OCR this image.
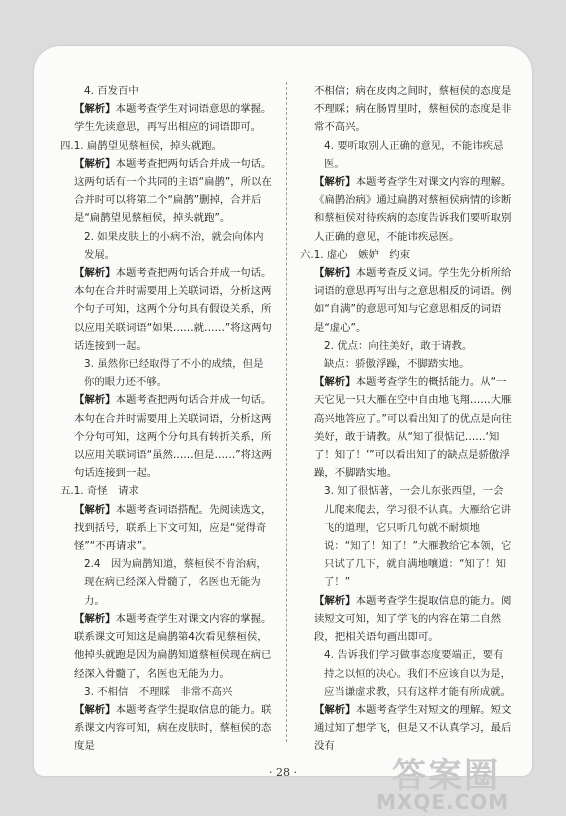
4. 百发百中

【解析】本题考查学生对词语意思的掌握。学生先读意思，再写出相应的词语即可。

四.1. 扁鹊望见蔡桓侯，掉头就跑。

【解析】本题考查把两句话合并成一句话。这两句话有一个共同的主语“扁鹊”，所以在合并时可以将第二个“扁鹊”删掉，合并后是“扁鹊望见蔡桓侯，掉头就跑”。

2. 如果皮肤上的小病不治，就会向体内发展。

【解析】本题考查把两句话合并成一句话。本句在合并时需要用上关联词语，分析这两个句子可知，这两个分句具有假设关系，所以应用关联词语“如果……就……”将这两句话连接到一起。

3. 虽然你已经取得了不小的成绩，但是你的眼力还不够。

【解析】本题考查把两句话合并成一句话。本句在合并时需要用上关联词语，分析这两个分句可知，这两个分句具有转折关系，所以应用关联词语“虽然……但是……”将这两句话连接到一起。

五.1. 奇怪　请求

【解析】本题考查词语搭配。先阅读选文，找到括号，联系上下文可知，应是“觉得奇怪”“不再请求”。

2.4　因为扁鹊知道，蔡桓侯不肯治病，现在病已经深入骨髓了，名医也无能为力。

【解析】本题考查学生对课文内容的掌握。联系课文可知这是扁鹊第4次看见蔡桓侯，他掉头就跑是因为扁鹊知道蔡桓侯现在病已经深入骨髓了，名医也无能为力。

3. 不相信　不理睬　非常不高兴

【解析】本题考查学生提取信息的能力。联系课文内容可知，病在皮肤时，蔡桓侯的态度是

不相信；病在皮肉之间时，蔡桓侯的态度是不理睬；病在肠胃里时，蔡桓侯的态度是非常不高兴。

4. 要听取别人正确的意见，不能讳疾忌医。

【解析】本题考查学生对课文内容的理解。《扁鹊治病》通过扁鹊对蔡桓侯病情的诊断和蔡桓侯对待疾病的态度告诉我们要听取别人正确的意见，不能讳疾忌医。

六.1. 虚心　嫉妒　约束

【解析】本题考查反义词。学生先分析所给词语的意思再写出与之意思相反的词语。例如“自满”的意思可知与它意思相反的词语是“虚心”。

2. 优点：向往美好，敢于请教。

缺点：骄傲浮躁，不脚踏实地。

【解析】本题考查学生的概括能力。从“一天它见一只大雁在空中自由地飞翔……大雁高兴地答应了。”可以看出知了的优点是向往美好，敢于请教。从“知了很惦记……‘知了！知了！’”可以看出知了的缺点是骄傲浮躁，不脚踏实地。

3. 知了很惦著，一会儿东张西望，一会儿爬来爬去，学习很不认真。大雁给它讲飞的道理，它只听几句就不耐烦地说：“知了！知了！”大雁教给它本领，它只试了几下，就自满地嚷道：“知了！知了！”

【解析】本题考查学生提取信息的能力。阅读短文可知，知了学飞的内容在第二自然段，把相关语句画出即可。

4. 告诉我们学习做事态度要端正，要有持之以恒的决心。我们不应该自以为是，应当谦虚求教，只有这样才能有所成就。

【解析】本题考查学生对短文的理解。短文通过知了想学飞，但是又不认真学习，最后没有

· 28 ·	答案圈
MXQE.COM
